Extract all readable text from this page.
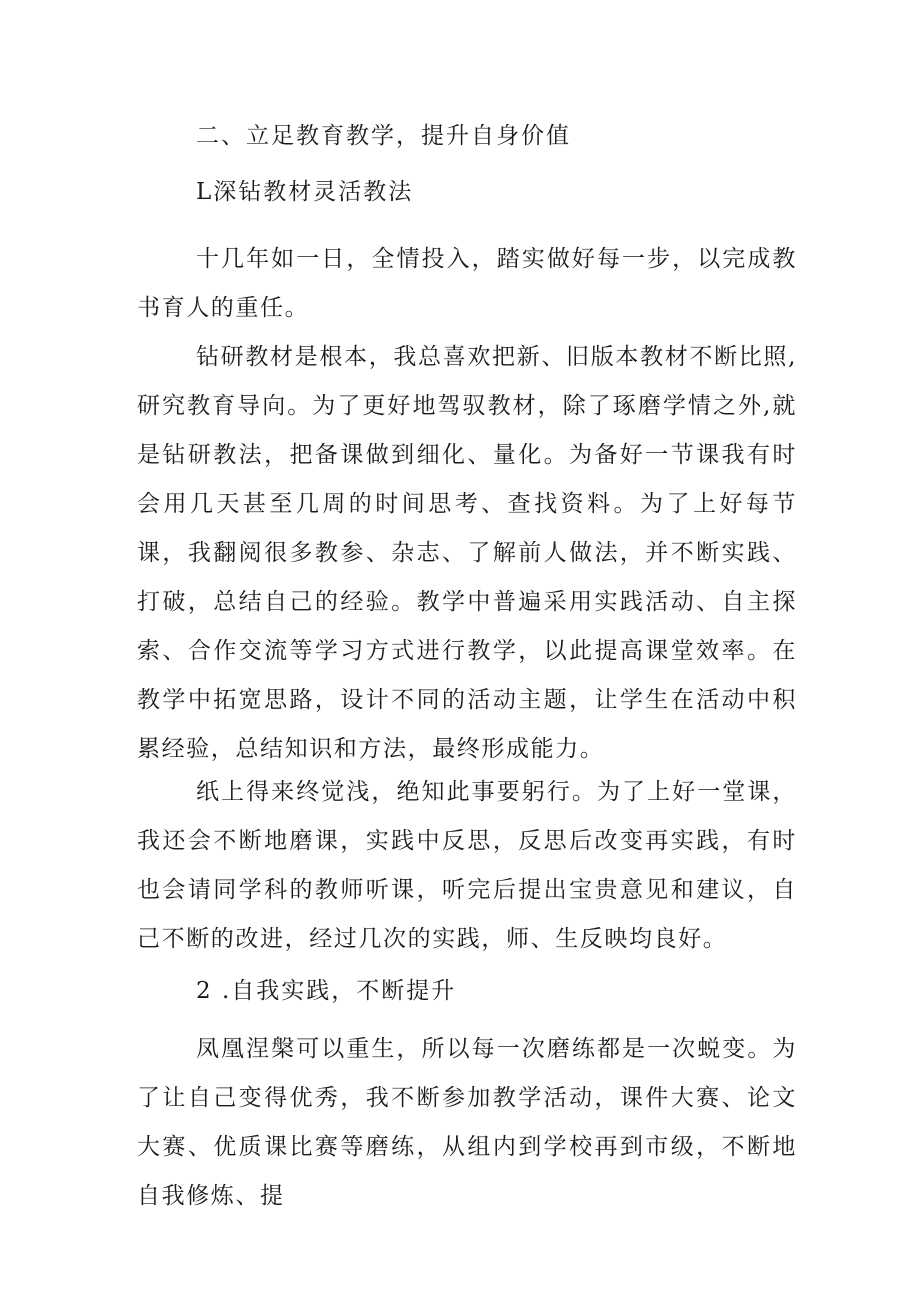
二、立足教育教学，提升自身价值
L深钻教材灵活教法

十几年如一日，全情投入，踏实做好每一步，以完成教书育人的重任。

钻研教材是根本，我总喜欢把新、旧版本教材不断比照,研究教育导向。为了更好地驾驭教材，除了琢磨学情之外,就是钻研教法，把备课做到细化、量化。为备好一节课我有时会用几天甚至几周的时间思考、查找资料。为了上好每节课，我翻阅很多教参、杂志、了解前人做法，并不断实践、打破，总结自己的经验。教学中普遍采用实践活动、自主探索、合作交流等学习方式进行教学，以此提高课堂效率。在教学中拓宽思路，设计不同的活动主题，让学生在活动中积累经验，总结知识和方法，最终形成能力。

纸上得来终觉浅，绝知此事要躬行。为了上好一堂课，我还会不断地磨课，实践中反思，反思后改变再实践，有时也会请同学科的教师听课，听完后提出宝贵意见和建议，自己不断的改进，经过几次的实践，师、生反映均良好。

2 .自我实践，不断提升

凤凰涅槃可以重生，所以每一次磨练都是一次蜕变。为了让自己变得优秀，我不断参加教学活动，课件大赛、论文大赛、优质课比赛等磨练，从组内到学校再到市级，不断地自我修炼、提
